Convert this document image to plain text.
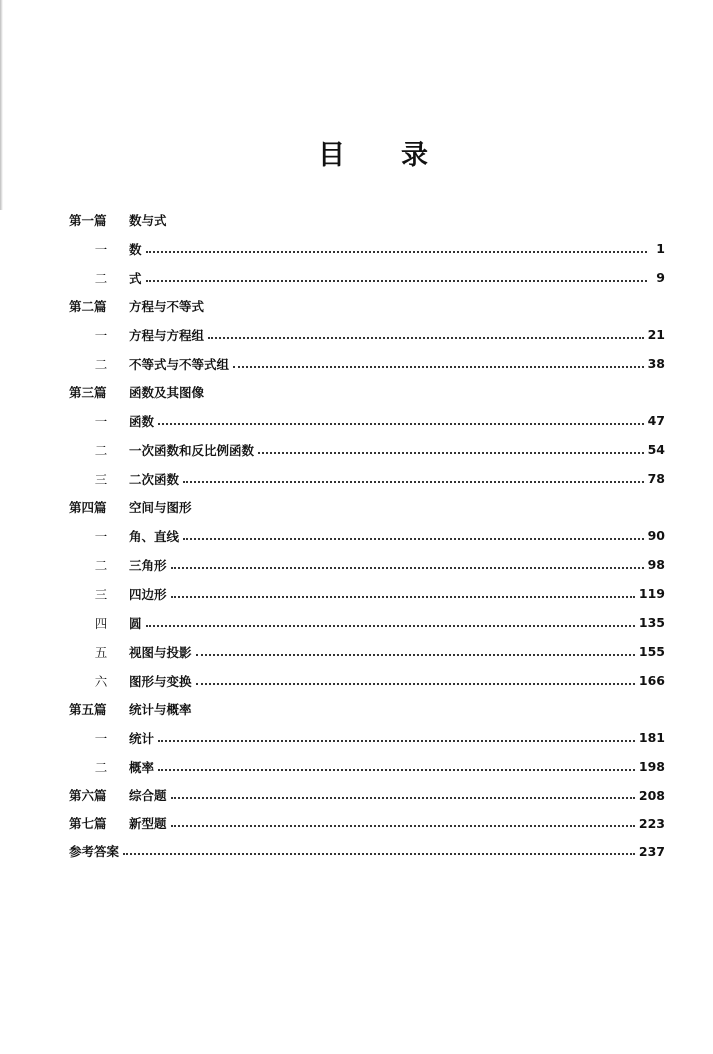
目 录
第一篇	数与式
一	数	1
二	式	9
第二篇	方程与不等式
一	方程与方程组	21
二	不等式与不等式组	38
第三篇	函数及其图像
一	函数	47
二	一次函数和反比例函数	54
三	二次函数	78
第四篇	空间与图形
一	角、直线	90
二	三角形	98
三	四边形	119
四	圆	135
五	视图与投影	155
六	图形与变换	166
第五篇	统计与概率
一	统计	181
二	概率	198
第六篇	综合题	208
第七篇	新型题	223
参考答案	237
